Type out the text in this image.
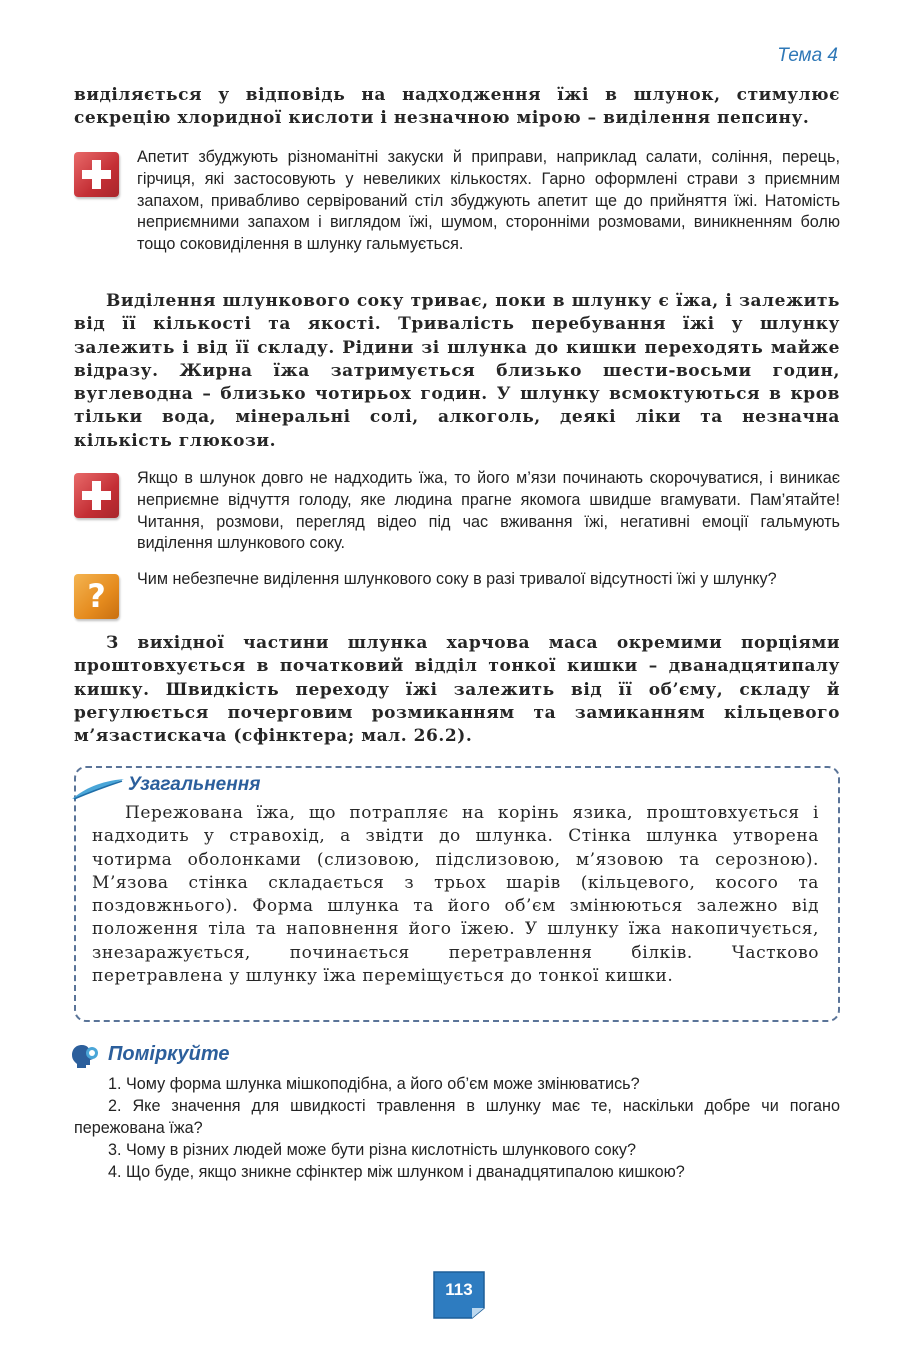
Тема 4

виділяється у відповідь на надходження їжі в шлунок, стимулює секрецію хлоридної кислоти і незначною мірою – виділення пепсину.

Апетит збуджують різноманітні закуски й приправи, наприклад салати, соління, перець, гірчиця, які застосовують у невеликих кількостях. Гарно оформлені страви з приємним запахом, привабливо сервірований стіл збуджують апетит ще до прийняття їжі. Натомість неприємними запахом і виглядом їжі, шумом, сторонніми розмовами, виникненням болю тощо соковиділення в шлунку гальмується.

Виділення шлункового соку триває, поки в шлунку є їжа, і залежить від її кількості та якості. Тривалість перебування їжі у шлунку залежить і від її складу. Рідини зі шлунка до кишки переходять майже відразу. Жирна їжа затримується близько шести-восьми годин, вуглеводна – близько чотирьох годин. У шлунку всмоктуються в кров тільки вода, мінеральні солі, алкоголь, деякі ліки та незначна кількість глюкози.

Якщо в шлунок довго не надходить їжа, то його м’язи починають скорочуватися, і виникає неприємне відчуття голоду, яке людина прагне якомога швидше вгамувати. Пам’ятайте! Читання, розмови, перегляд відео під час вживання їжі, негативні емоції гальмують виділення шлункового соку.

?	Чим небезпечне виділення шлункового соку в разі тривалої відсутності їжі у шлунку?

З вихідної частини шлунка харчова маса окремими порціями проштовхується в початковий відділ тонкої кишки – дванадцятипалу кишку. Швидкість переходу їжі залежить від її об’єму, складу й регулюється почерговим розмиканням та замиканням кільцевого м’язастискача (сфінктера; мал. 26.2).

Узагальнення

Пережована їжа, що потрапляє на корінь язика, проштовхується і надходить у стравохід, а звідти до шлунка. Стінка шлунка утворена чотирма оболонками (слизовою, підслизовою, м’язовою та серозною). М’язова стінка складається з трьох шарів (кільцевого, косого та поздовжнього). Форма шлунка та його об’єм змінюються залежно від положення тіла та наповнення його їжею. У шлунку їжа накопичується, знезаражується, починається перетравлення білків. Частково перетравлена у шлунку їжа переміщується до тонкої кишки.

Поміркуйте
1. Чому форма шлунка мішкоподібна, а його об’єм може змінюватись?
2. Яке значення для швидкості травлення в шлунку має те, наскільки добре чи погано пережована їжа?
3. Чому в різних людей може бути різна кислотність шлункового соку?
4. Що буде, якщо зникне сфінктер між шлунком і дванадцятипалою кишкою?
113
